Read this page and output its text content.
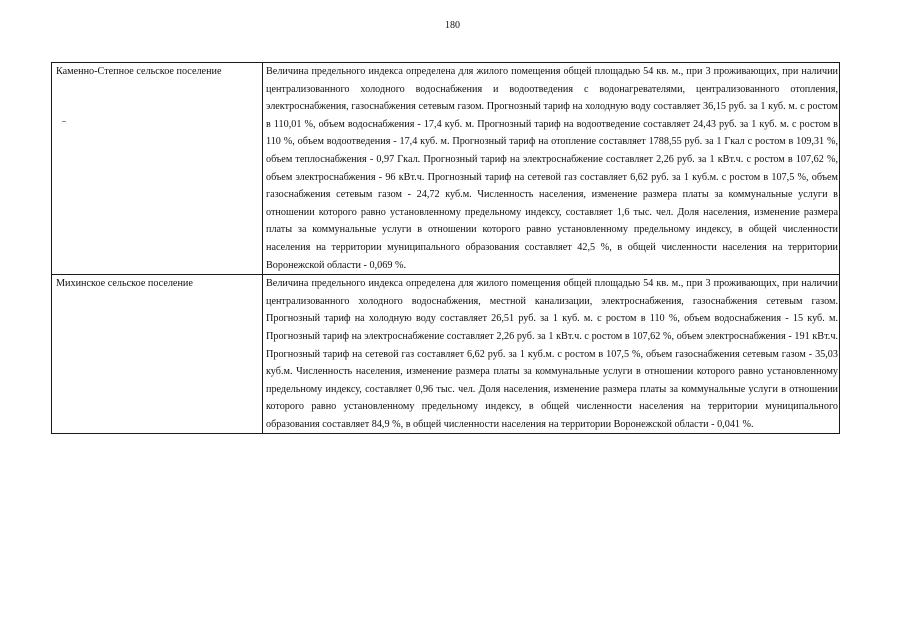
180
Каменно-Степное сельское поселение	Величина предельного индекса определена для жилого помещения общей площадью 54 кв. м., при 3 проживающих, при наличии централизованного холодного водоснабжения и водоотведения с водонагревателями, централизованного отопления, электроснабжения, газоснабжения сетевым газом. Прогнозный тариф на холодную воду составляет 36,15 руб. за 1 куб. м. с ростом в 110,01 %, объем водоснабжения - 17,4 куб. м. Прогнозный тариф на водоотведение составляет 24,43 руб. за 1 куб. м. с ростом в 110 %, объем водоотведения - 17,4 куб. м. Прогнозный тариф на отопление составляет 1788,55 руб. за 1 Гкал с ростом в 109,31 %, объем теплоснабжения - 0,97 Гкал. Прогнозный тариф на электроснабжение составляет 2,26 руб. за 1 кВт.ч. с ростом в 107,62 %, объем электроснабжения - 96 кВт.ч. Прогнозный тариф на сетевой газ составляет 6,62 руб. за 1 куб.м. с ростом в 107,5 %, объем газоснабжения сетевым газом - 24,72 куб.м. Численность населения, изменение размера платы за коммунальные услуги в отношении которого равно установленному предельному индексу, составляет 1,6 тыс. чел. Доля населения, изменение размера платы за коммунальные услуги в отношении которого равно установленному предельному индексу, в общей численности населения на территории муниципального образования составляет 42,5 %, в общей численности населения на территории Воронежской области - 0,069 %.
Михинское сельское поселение	Величина предельного индекса определена для жилого помещения общей площадью 54 кв. м., при 3 проживающих, при наличии централизованного холодного водоснабжения, местной канализации, электроснабжения, газоснабжения сетевым газом. Прогнозный тариф на холодную воду составляет 26,51 руб. за 1 куб. м. с ростом в 110 %, объем водоснабжения - 15 куб. м. Прогнозный тариф на электроснабжение составляет 2,26 руб. за 1 кВт.ч. с ростом в 107,62 %, объем электроснабжения - 191 кВт.ч. Прогнозный тариф на сетевой газ составляет 6,62 руб. за 1 куб.м. с ростом в 107,5 %, объем газоснабжения сетевым газом - 35,03 куб.м. Численность населения, изменение размера платы за коммунальные услуги в отношении которого равно установленному предельному индексу, составляет 0,96 тыс. чел. Доля населения, изменение размера платы за коммунальные услуги в отношении которого равно установленному предельному индексу, в общей численности населения на территории муниципального образования составляет 84,9 %, в общей численности населения на территории Воронежской области - 0,041 %.
